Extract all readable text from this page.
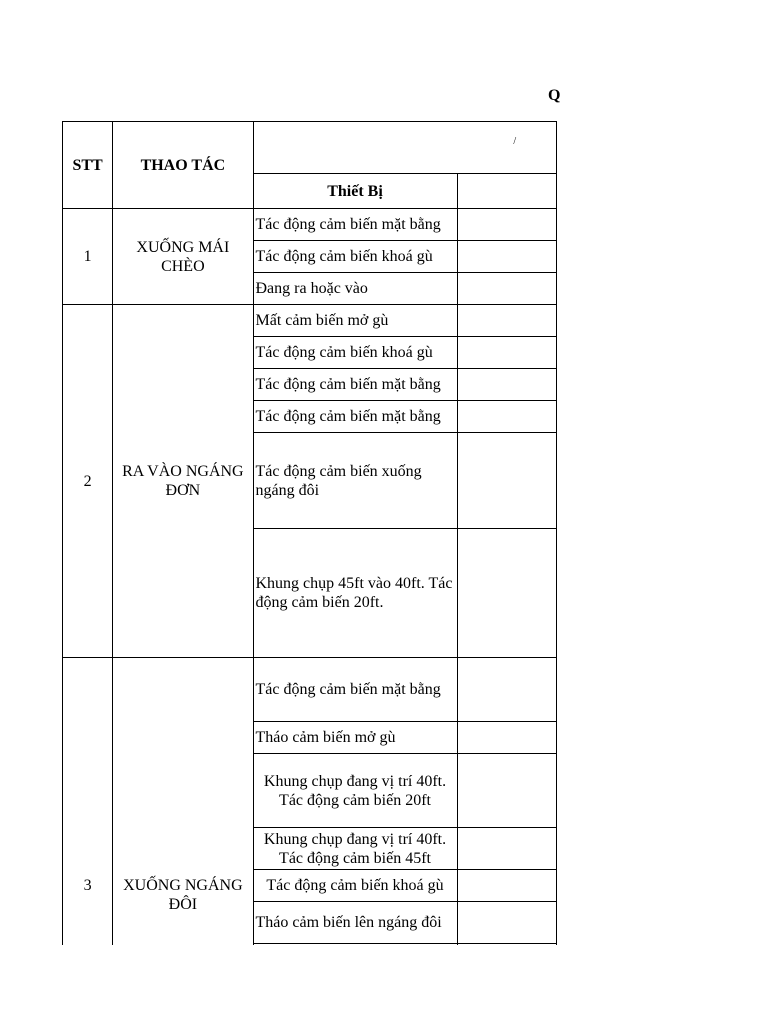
Q
STT	THAO TÁC	/	
		Thiết Bị	
1	XUỐNG MÁI CHÈO	Tác động cảm biến mặt bằng	
		Tác động cảm biến khoá gù	
		Đang ra hoặc vào	
2	RA VÀO NGÁNG ĐƠN	Mất cảm biến mở gù	
		Tác động cảm biến khoá gù	
		Tác động cảm biến mặt bằng	
		Tác động cảm biến mặt bằng	
		Tác động cảm biến xuống ngáng đôi	
		Khung chụp 45ft vào 40ft. Tác động cảm biến 20ft.	
3	XUỐNG NGÁNG ĐÔI	Tác động cảm biến mặt bằng	
		Tháo cảm biến mở gù	
		Khung chụp đang vị trí 40ft. Tác động cảm biến 20ft	
		Khung chụp đang vị trí 40ft. Tác động cảm biến 45ft	
		Tác động cảm biến khoá gù	
		Tháo cảm biến lên ngáng đôi	
